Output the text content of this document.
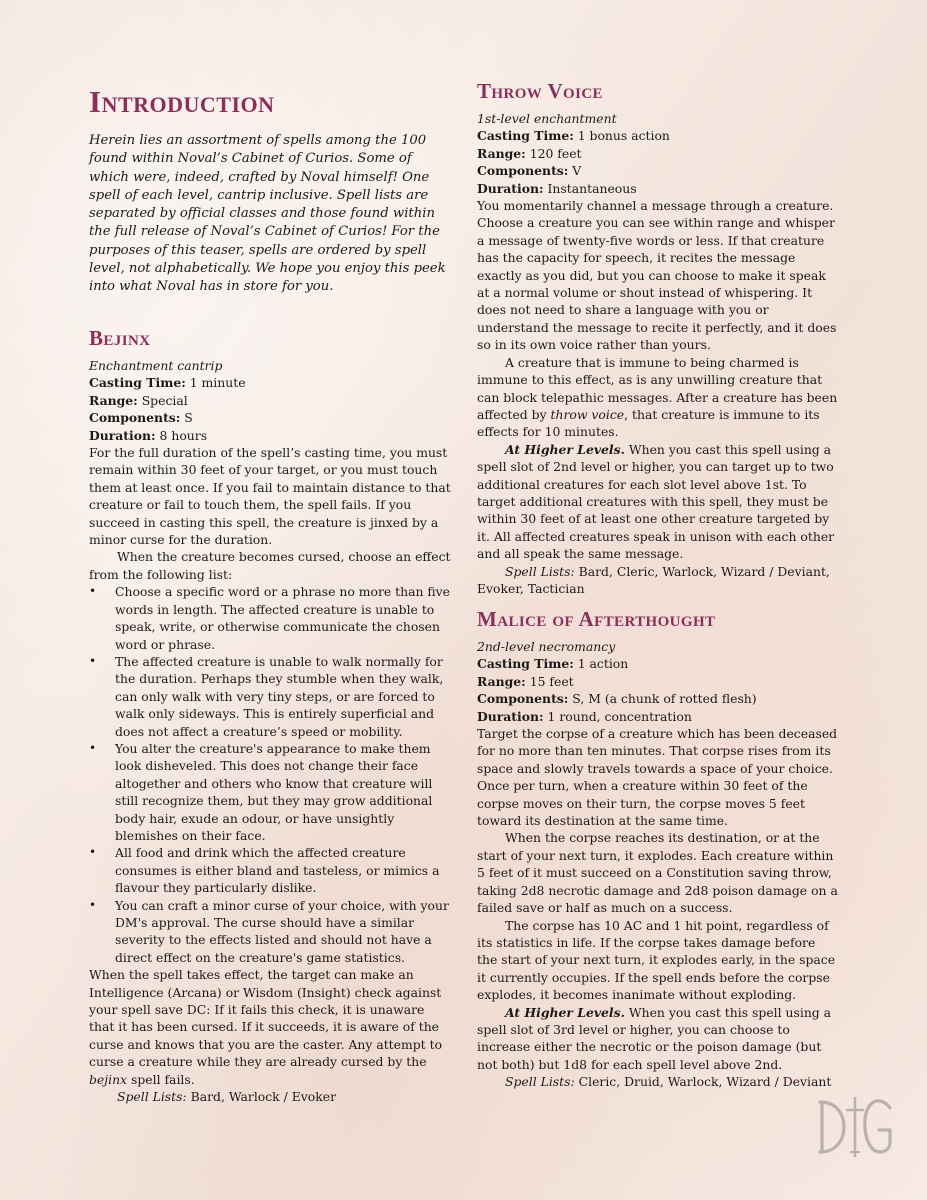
Introduction
Herein lies an assortment of spells among the 100 found within Noval’s Cabinet of Curios. Some of which were, indeed, crafted by Noval himself! One spell of each level, cantrip inclusive. Spell lists are separated by official classes and those found within the full release of Noval’s Cabinet of Curios! For the purposes of this teaser, spells are ordered by spell level, not alphabetically. We hope you enjoy this peek into what Noval has in store for you.
Bejinx

Enchantment cantrip

Casting Time: 1 minute

Range: Special

Components: S

Duration: 8 hours

For the full duration of the spell’s casting time, you must remain within 30 feet of your target, or you must touch them at least once. If you fail to maintain distance to that creature or fail to touch them, the spell fails. If you succeed in casting this spell, the creature is jinxed by a minor curse for the duration.

When the creature becomes cursed, choose an effect from the following list:

• Choose a specific word or a phrase no more than five words in length. The affected creature is unable to speak, write, or otherwise communicate the chosen word or phrase.
• The affected creature is unable to walk normally for the duration. Perhaps they stumble when they walk, can only walk with very tiny steps, or are forced to walk only sideways. This is entirely superficial and does not affect a creature’s speed or mobility.
• You alter the creature's appearance to make them look disheveled. This does not change their face altogether and others who know that creature will still recognize them, but they may grow additional body hair, exude an odour, or have unsightly blemishes on their face.
• All food and drink which the affected creature consumes is either bland and tasteless, or mimics a flavour they particularly dislike.
• You can craft a minor curse of your choice, with your DM's approval. The curse should have a similar severity to the effects listed and should not have a direct effect on the creature's game statistics.

When the spell takes effect, the target can make an Intelligence (Arcana) or Wisdom (Insight) check against your spell save DC: If it fails this check, it is unaware that it has been cursed. If it succeeds, it is aware of the curse and knows that you are the caster. Any attempt to curse a creature while they are already cursed by the bejinx spell fails.

Spell Lists: Bard, Warlock / Evoker

Throw Voice

1st-level enchantment

Casting Time: 1 bonus action

Range: 120 feet

Components: V

Duration: Instantaneous

You momentarily channel a message through a creature. Choose a creature you can see within range and whisper a message of twenty-five words or less. If that creature has the capacity for speech, it recites the message exactly as you did, but you can choose to make it speak at a normal volume or shout instead of whispering. It does not need to share a language with you or understand the message to recite it perfectly, and it does so in its own voice rather than yours.

A creature that is immune to being charmed is immune to this effect, as is any unwilling creature that can block telepathic messages. After a creature has been affected by throw voice, that creature is immune to its effects for 10 minutes.

At Higher Levels. When you cast this spell using a spell slot of 2nd level or higher, you can target up to two additional creatures for each slot level above 1st. To target additional creatures with this spell, they must be within 30 feet of at least one other creature targeted by it. All affected creatures speak in unison with each other and all speak the same message.

Spell Lists: Bard, Cleric, Warlock, Wizard / Deviant, Evoker, Tactician

Malice of Afterthought

2nd-level necromancy

Casting Time: 1 action

Range: 15 feet

Components: S, M (a chunk of rotted flesh)

Duration: 1 round, concentration

Target the corpse of a creature which has been deceased for no more than ten minutes. That corpse rises from its space and slowly travels towards a space of your choice. Once per turn, when a creature within 30 feet of the corpse moves on their turn, the corpse moves 5 feet toward its destination at the same time.

When the corpse reaches its destination, or at the start of your next turn, it explodes. Each creature within 5 feet of it must succeed on a Constitution saving throw, taking 2d8 necrotic damage and 2d8 poison damage on a failed save or half as much on a success.

The corpse has 10 AC and 1 hit point, regardless of its statistics in life. If the corpse takes damage before the start of your next turn, it explodes early, in the space it currently occupies. If the spell ends before the corpse explodes, it becomes inanimate without exploding.

At Higher Levels. When you cast this spell using a spell slot of 3rd level or higher, you can choose to increase either the necrotic or the poison damage (but not both) but 1d8 for each spell level above 2nd.

Spell Lists: Cleric, Druid, Warlock, Wizard / Deviant
